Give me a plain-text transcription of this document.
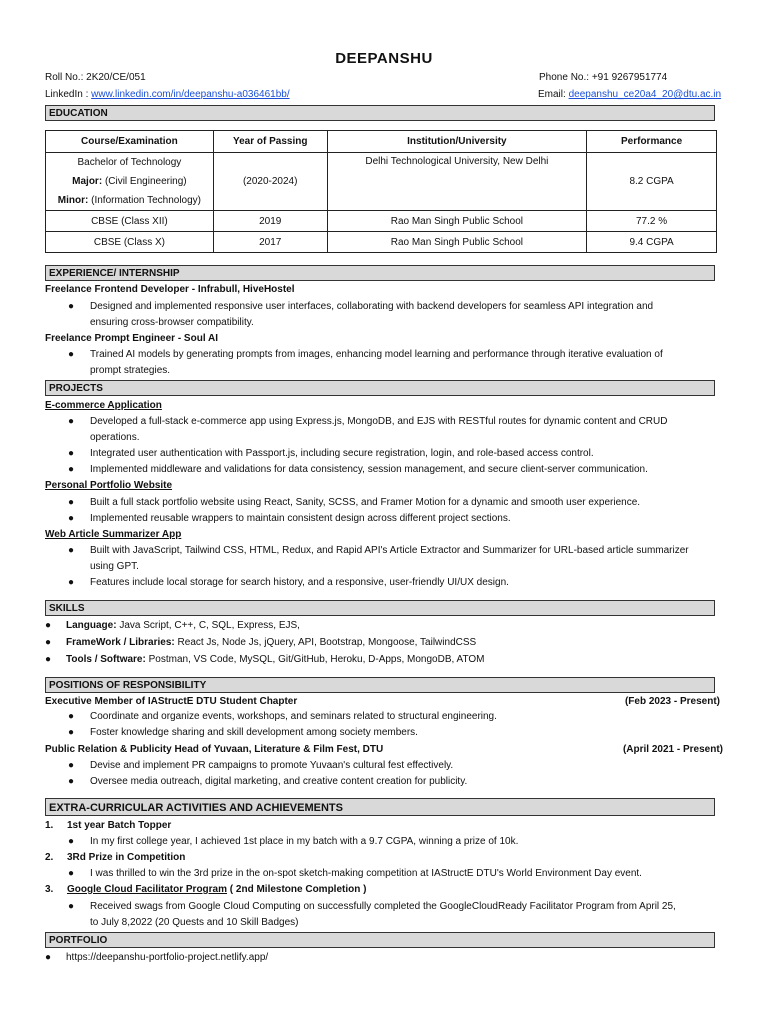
DEEPANSHU
Roll No.: 2K20/CE/051	Phone No.: +91 9267951774
LinkedIn : www.linkedin.com/in/deepanshu-a036461bb/	Email: deepanshu_ce20a4_20@dtu.ac.in
EDUCATION
Course/Examination	Year of Passing	Institution/University	Performance

Bachelor of Technology
Major: (Civil Engineering)
Minor: (Information Technology)	(2020-2024)	Delhi Technological University, New Delhi	8.2 CGPA
CBSE (Class XII)	2019	Rao Man Singh Public School	77.2 %
CBSE (Class X)	2017	Rao Man Singh Public School	9.4 CGPA
EXPERIENCE/ INTERNSHIP
Freelance Frontend Developer - Infrabull, HiveHostel
●	Designed and implemented responsive user interfaces, collaborating with backend developers for seamless API integration and
ensuring cross-browser compatibility.
Freelance Prompt Engineer - Soul AI
●	Trained AI models by generating prompts from images, enhancing model learning and performance through iterative evaluation of
prompt strategies.
PROJECTS
E-commerce Application
●	Developed a full-stack e-commerce app using Express.js, MongoDB, and EJS with RESTful routes for dynamic content and CRUD
operations.
●	Integrated user authentication with Passport.js, including secure registration, login, and role-based access control.
●	Implemented middleware and validations for data consistency, session management, and secure client-server communication.
Personal Portfolio Website
●	Built a full stack portfolio website using React, Sanity, SCSS, and Framer Motion for a dynamic and smooth user experience.
●	Implemented reusable wrappers to maintain consistent design across different project sections.
Web Article Summarizer App
●	Built with JavaScript, Tailwind CSS, HTML, Redux, and Rapid API's Article Extractor and Summarizer for URL-based article summarizer
using GPT.
●	Features include local storage for search history, and a responsive, user-friendly UI/UX design.
SKILLS
●	Language: Java Script, C++, C, SQL, Express, EJS,
●	FrameWork / Libraries: React Js, Node Js, jQuery, API, Bootstrap, Mongoose, TailwindCSS
●	Tools / Software: Postman, VS Code, MySQL, Git/GitHub, Heroku, D-Apps, MongoDB, ATOM
POSITIONS OF RESPONSIBILITY
Executive Member of IAStructE DTU Student Chapter	(Feb 2023 - Present)
●	Coordinate and organize events, workshops, and seminars related to structural engineering.
●	Foster knowledge sharing and skill development among society members.
Public Relation & Publicity Head of Yuvaan, Literature & Film Fest, DTU	(April 2021 - Present)
●	Devise and implement PR campaigns to promote Yuvaan's cultural fest effectively.
●	Oversee media outreach, digital marketing, and creative content creation for publicity.
EXTRA-CURRICULAR ACTIVITIES AND ACHIEVEMENTS
1. 1st year Batch Topper
●	In my first college year, I achieved 1st place in my batch with a 9.7 CGPA, winning a prize of 10k.
2. 3Rd Prize in Competition
●	I was thrilled to win the 3rd prize in the on-spot sketch-making competition at IAStructE DTU's World Environment Day event.
3. Google Cloud Facilitator Program ( 2nd Milestone Completion )
●	Received swags from Google Cloud Computing on successfully completed the GoogleCloudReady Facilitator Program from April 25,
to July 8,2022 (20 Quests and 10 Skill Badges)
PORTFOLIO
●	https://deepanshu-portfolio-project.netlify.app/
